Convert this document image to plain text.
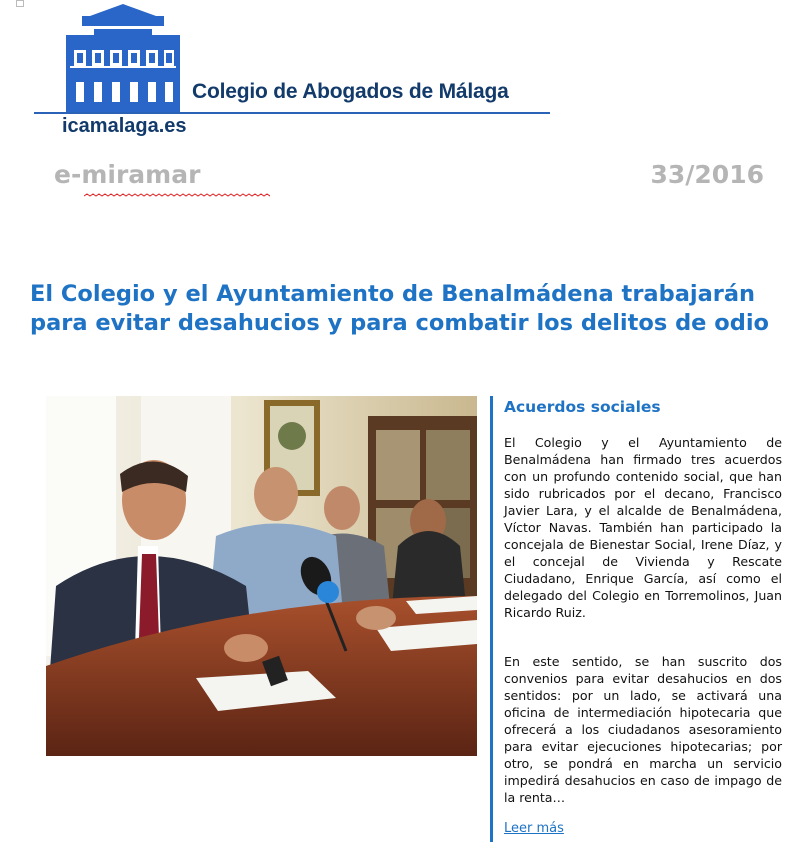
Colegio de Abogados de Málaga
icamalaga.es
e-miramar	33/2016
El Colegio y el Ayuntamiento de Benalmádena trabajarán para evitar desahucios y para combatir los delitos de odio
Acuerdos sociales

El Colegio y el Ayuntamiento de Benalmádena han firmado tres acuerdos con un profundo contenido social, que han sido rubricados por el decano, Francisco Javier Lara, y el alcalde de Benalmádena, Víctor Navas. También han participado la concejala de Bienestar Social, Irene Díaz, y el concejal de Vivienda y Rescate Ciudadano, Enrique García, así como el delegado del Colegio en Torremolinos, Juan Ricardo Ruiz.

En este sentido, se han suscrito dos convenios para evitar desahucios en dos sentidos: por un lado, se activará una oficina de intermediación hipotecaria que ofrecerá a los ciudadanos asesoramiento para evitar ejecuciones hipotecarias; por otro, se pondrá en marcha un servicio impedirá desahucios en caso de impago de la renta…

Leer más
